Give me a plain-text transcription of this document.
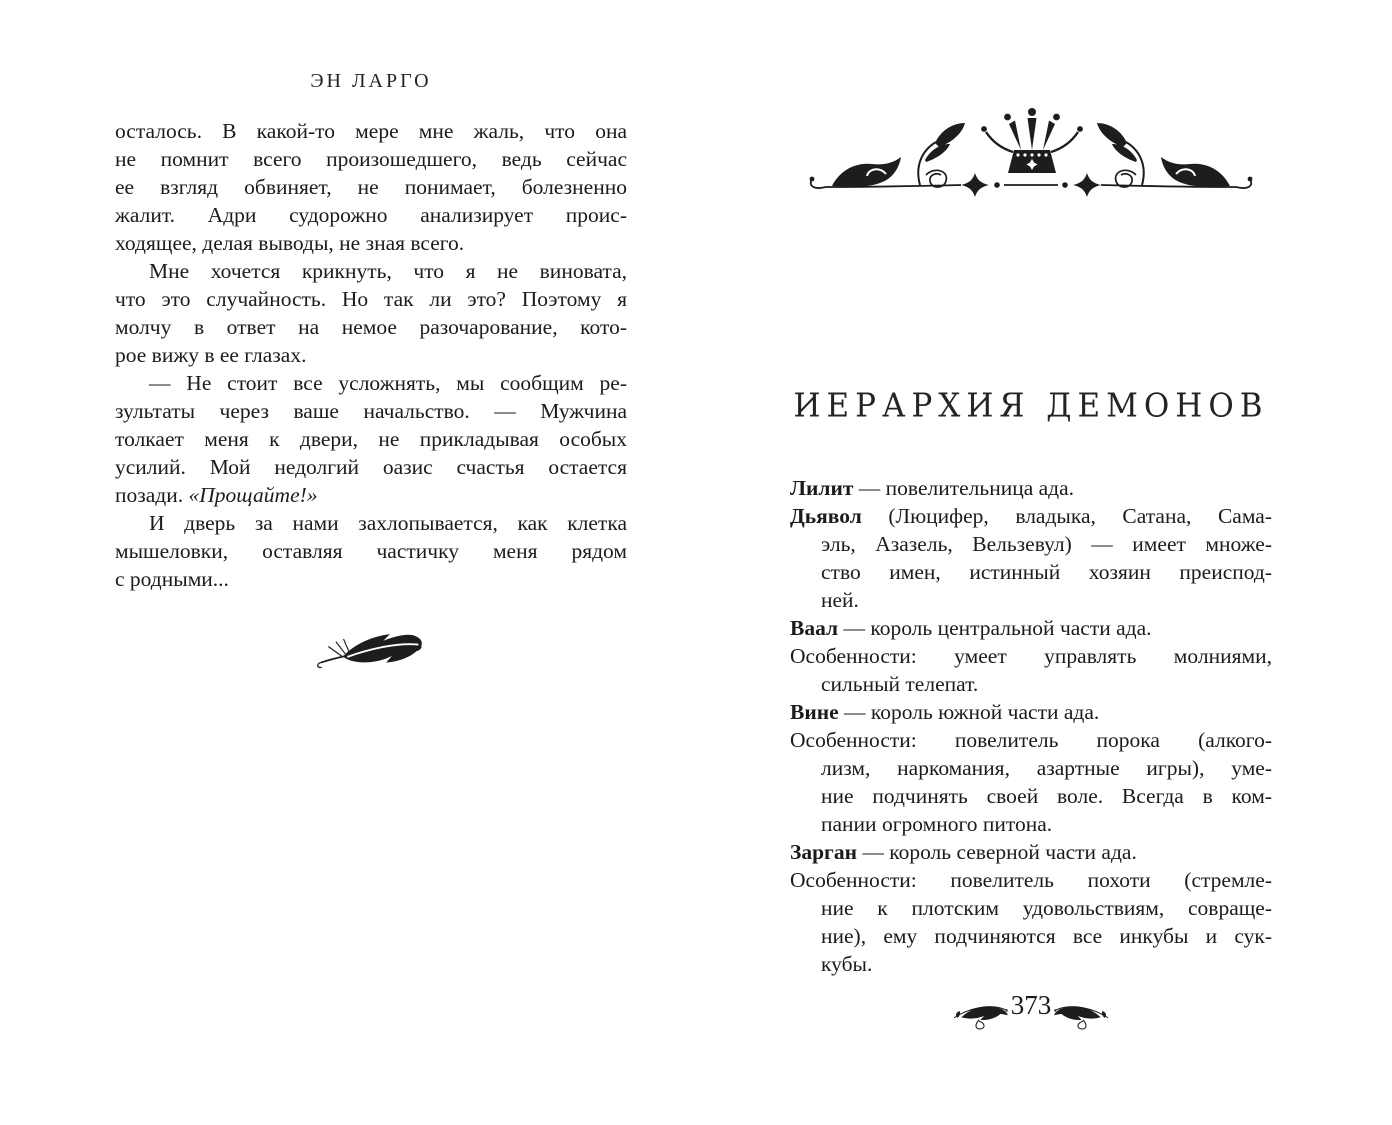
ЭН ЛАРГО
осталось. В какой-то мере мне жаль, что она
не помнит всего произошедшего, ведь сейчас
ее взгляд обвиняет, не понимает, болезненно
жалит. Адри судорожно анализирует проис-
ходящее, делая выводы, не зная всего.
Мне хочется крикнуть, что я не виновата,
что это случайность. Но так ли это? Поэтому я
молчу в ответ на немое разочарование, кото-
рое вижу в ее глазах.
— Не стоит все усложнять, мы сообщим ре-
зультаты через ваше начальство. — Мужчина
толкает меня к двери, не прикладывая особых
усилий. Мой недолгий оазис счастья остается
позади. «Прощайте!»
И дверь за нами захлопывается, как клетка
мышеловки, оставляя частичку меня рядом
с родными...
ИЕРАРХИЯ ДЕМОНОВ
Лилит — повелительница ада.
Дьявол (Люцифер, владыка, Сатана, Сама-
эль, Азазель, Вельзевул) — имеет множе-
ство имен, истинный хозяин преиспод-
ней.
Ваал — король центральной части ада.
Особенности: умеет управлять молниями,
сильный телепат.
Вине — король южной части ада.
Особенности: повелитель порока (алкого-
лизм, наркомания, азартные игры), уме-
ние подчинять своей воле. Всегда в ком-
пании огромного питона.
Зарган — король северной части ада.
Особенности: повелитель похоти (стремле-
ние к плотским удовольствиям, совраще-
ние), ему подчиняются все инкубы и сук-
кубы.
373
